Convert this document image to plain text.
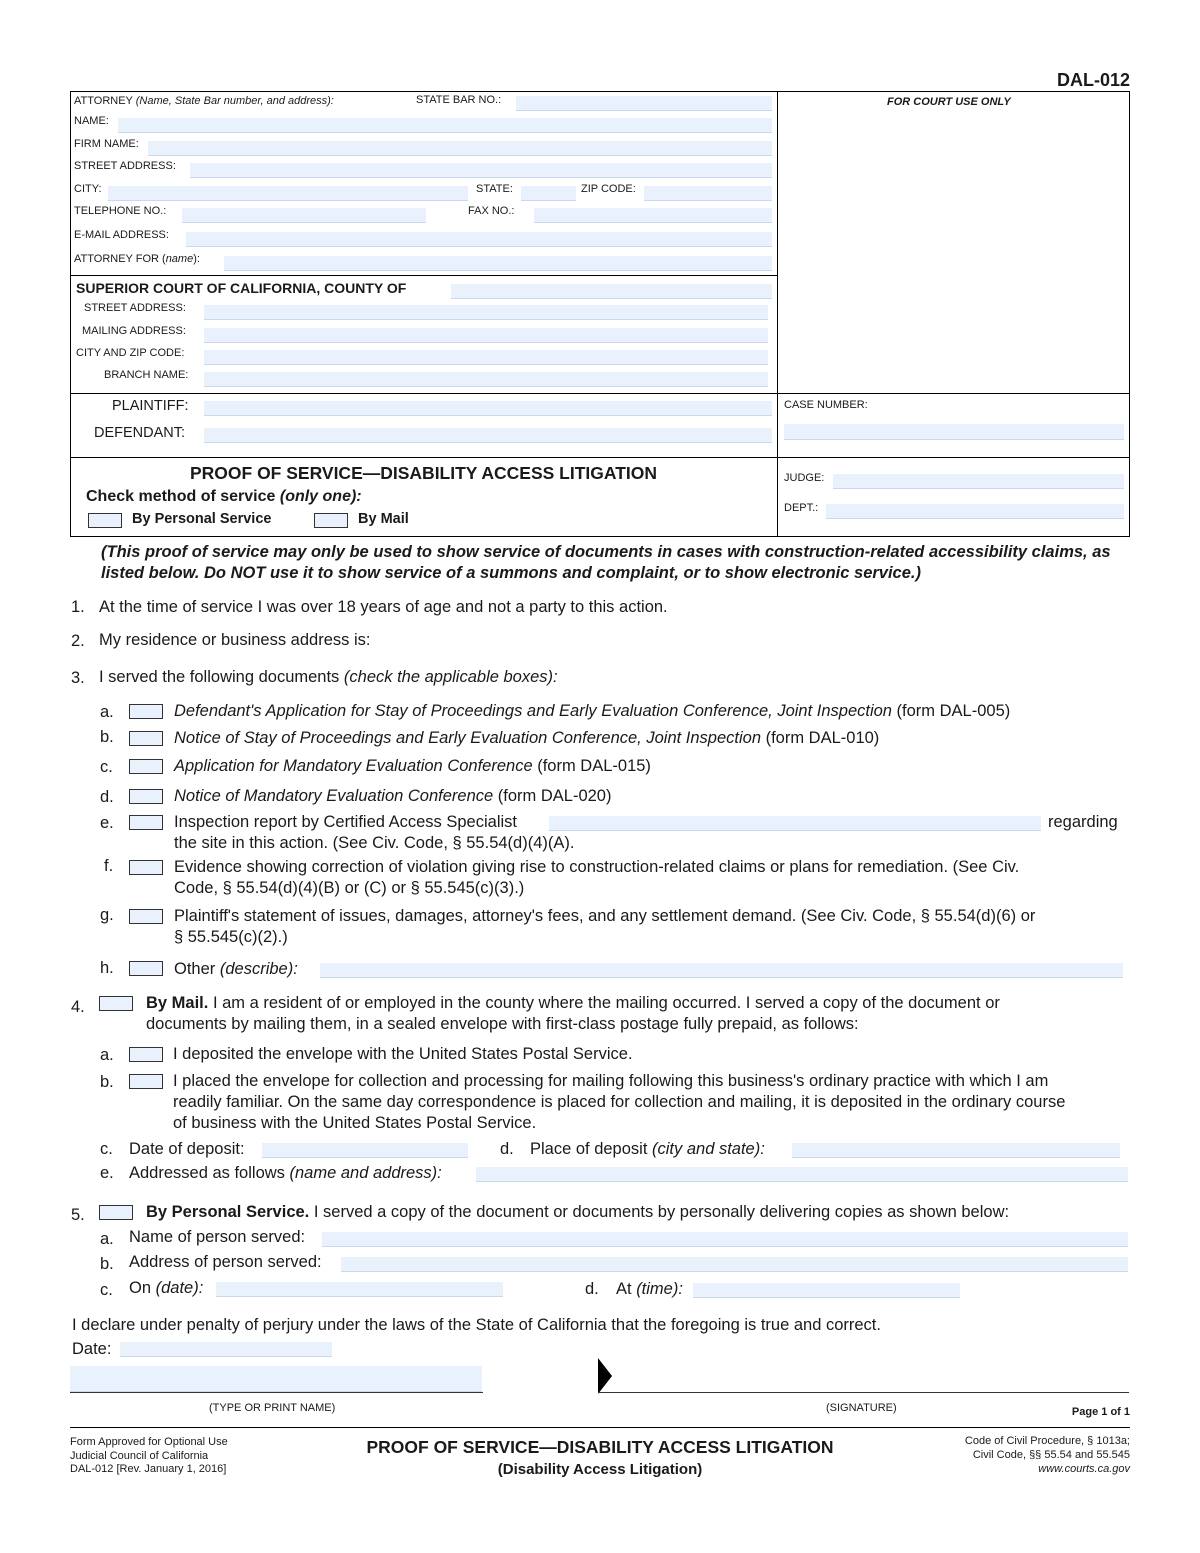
DAL-012
ATTORNEY (Name, State Bar number, and address):	STATE BAR NO.:
NAME:
FIRM NAME:
STREET ADDRESS:
CITY:	STATE:	ZIP CODE:
TELEPHONE NO.:	FAX NO.:
E-MAIL ADDRESS:
ATTORNEY FOR (name):
FOR COURT USE ONLY
SUPERIOR COURT OF CALIFORNIA, COUNTY OF
STREET ADDRESS:
MAILING ADDRESS:
CITY AND ZIP CODE:
BRANCH NAME:
PLAINTIFF:
DEFENDANT:
CASE NUMBER:
PROOF OF SERVICE—DISABILITY ACCESS LITIGATION
Check method of service (only one):
By Personal Service	By Mail
JUDGE:
DEPT.:
(This proof of service may only be used to show service of documents in cases with construction-related accessibility claims, as listed below. Do NOT use it to show service of a summons and complaint, or to show electronic service.)
1. At the time of service I was over 18 years of age and not a party to this action.
2. My residence or business address is:
3. I served the following documents (check the applicable boxes):
a.	Defendant's Application for Stay of Proceedings and Early Evaluation Conference, Joint Inspection (form DAL-005)
b.	Notice of Stay of Proceedings and Early Evaluation Conference, Joint Inspection (form DAL-010)
c.	Application for Mandatory Evaluation Conference (form DAL-015)
d.	Notice of Mandatory Evaluation Conference (form DAL-020)
e.	Inspection report by Certified Access Specialist	regarding
the site in this action. (See Civ. Code, § 55.54(d)(4)(A).
f.	Evidence showing correction of violation giving rise to construction-related claims or plans for remediation. (See Civ.
Code, § 55.54(d)(4)(B) or (C) or § 55.545(c)(3).)
g.	Plaintiff's statement of issues, damages, attorney's fees, and any settlement demand. (See Civ. Code, § 55.54(d)(6) or
§ 55.545(c)(2).)
h.	Other (describe):
4.	By Mail. I am a resident of or employed in the county where the mailing occurred. I served a copy of the document or
documents by mailing them, in a sealed envelope with first-class postage fully prepaid, as follows:
a.	I deposited the envelope with the United States Postal Service.
b.	I placed the envelope for collection and processing for mailing following this business's ordinary practice with which I am
readily familiar. On the same day correspondence is placed for collection and mailing, it is deposited in the ordinary course
of business with the United States Postal Service.
c. Date of deposit:	d. Place of deposit (city and state):
e. Addressed as follows (name and address):
5.	By Personal Service. I served a copy of the document or documents by personally delivering copies as shown below:
a. Name of person served:
b. Address of person served:
c. On (date):	d. At (time):
I declare under penalty of perjury under the laws of the State of California that the foregoing is true and correct.
Date:
(TYPE OR PRINT NAME)	(SIGNATURE)	Page 1 of 1
Form Approved for Optional Use
Judicial Council of California
DAL-012 [Rev. January 1, 2016]
PROOF OF SERVICE—DISABILITY ACCESS LITIGATION
(Disability Access Litigation)
Code of Civil Procedure, § 1013a;
Civil Code, §§ 55.54 and 55.545
www.courts.ca.gov
